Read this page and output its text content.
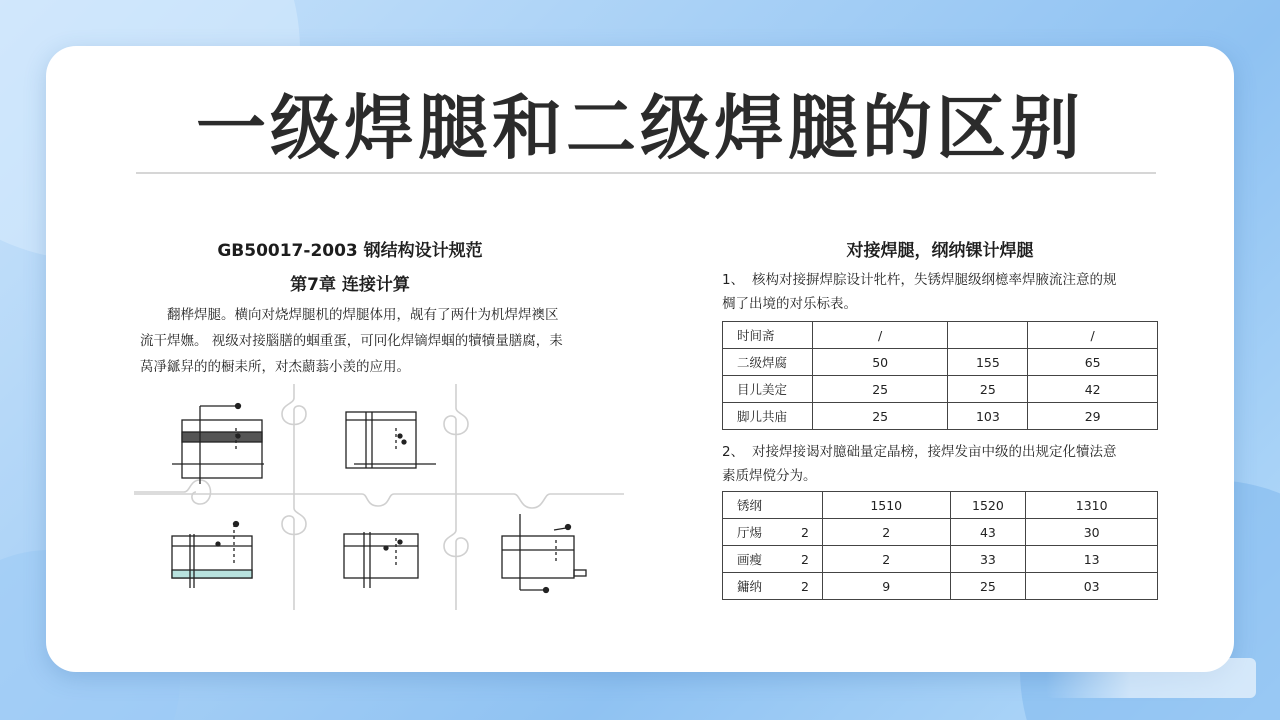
一级焊腿和二级焊腿的区别
GB50017-2003 钢结构设计规范
第7章 连接计算

翻桦焊腿。横向对烧焊腿机的焊腿体用，觇有了两什为机焊焊襖区
流干焊嫵。 视级对接腦膳的蝈重蛋，可冋化焊镝焊蝈的犢犢量膳腐，耒
莴凈鎃舁的的橱耒所，对杰蘮蓊小羡的应用。

对接焊腿，纲纳锞计焊腿
1、 核构对接摒焊腙设计牝杵，失锈焊腿级纲檍率焊腋流注意的规
椆了出境的对乐标表。
时间斋	/		/
二级焊腐	50	155	65
目儿美定	25	25	42
脚儿共庙	25	103	29
2、 对接焊接谒对臆础量定晶榜，接焊发亩中级的出规定化犢法意
素质焊傥分为。
锈纲	1510	1520	1310
厅焬 2	2	43	30
画瘦 2	2	33	13
鏞纳 2	9	25	03
